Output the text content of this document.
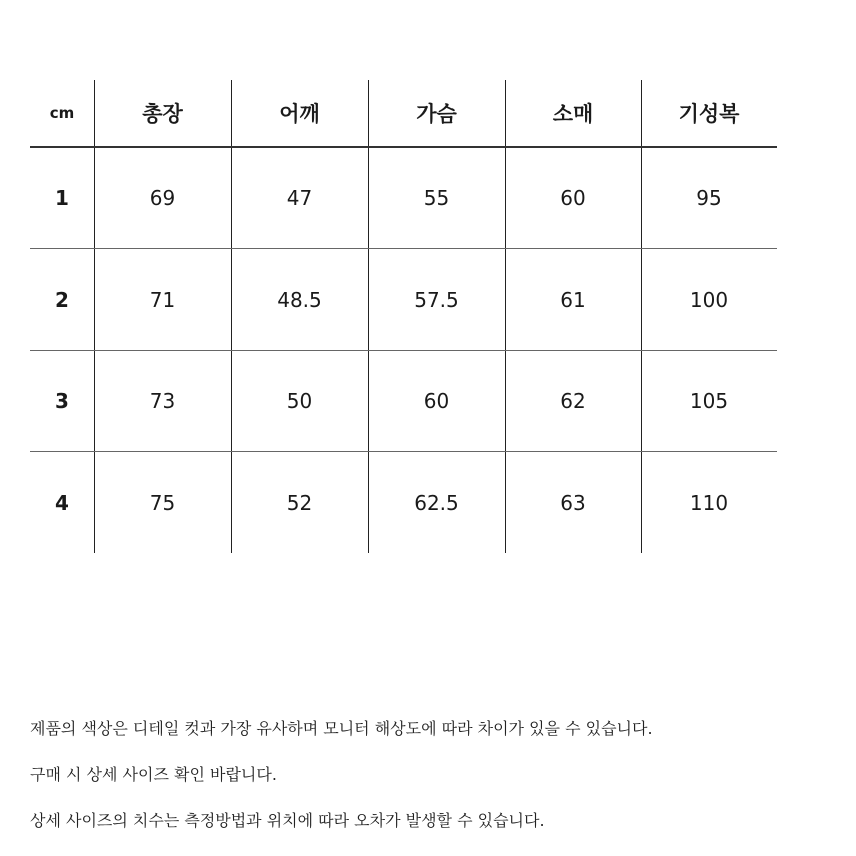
cm	총장	어깨	가슴	소매	기성복
1	69	47	55	60	95
2	71	48.5	57.5	61	100
3	73	50	60	62	105
4	75	52	62.5	63	110
제품의 색상은 디테일 컷과 가장 유사하며 모니터 해상도에 따라 차이가 있을 수 있습니다.
구매 시 상세 사이즈 확인 바랍니다.
상세 사이즈의 치수는 측정방법과 위치에 따라 오차가 발생할 수 있습니다.
